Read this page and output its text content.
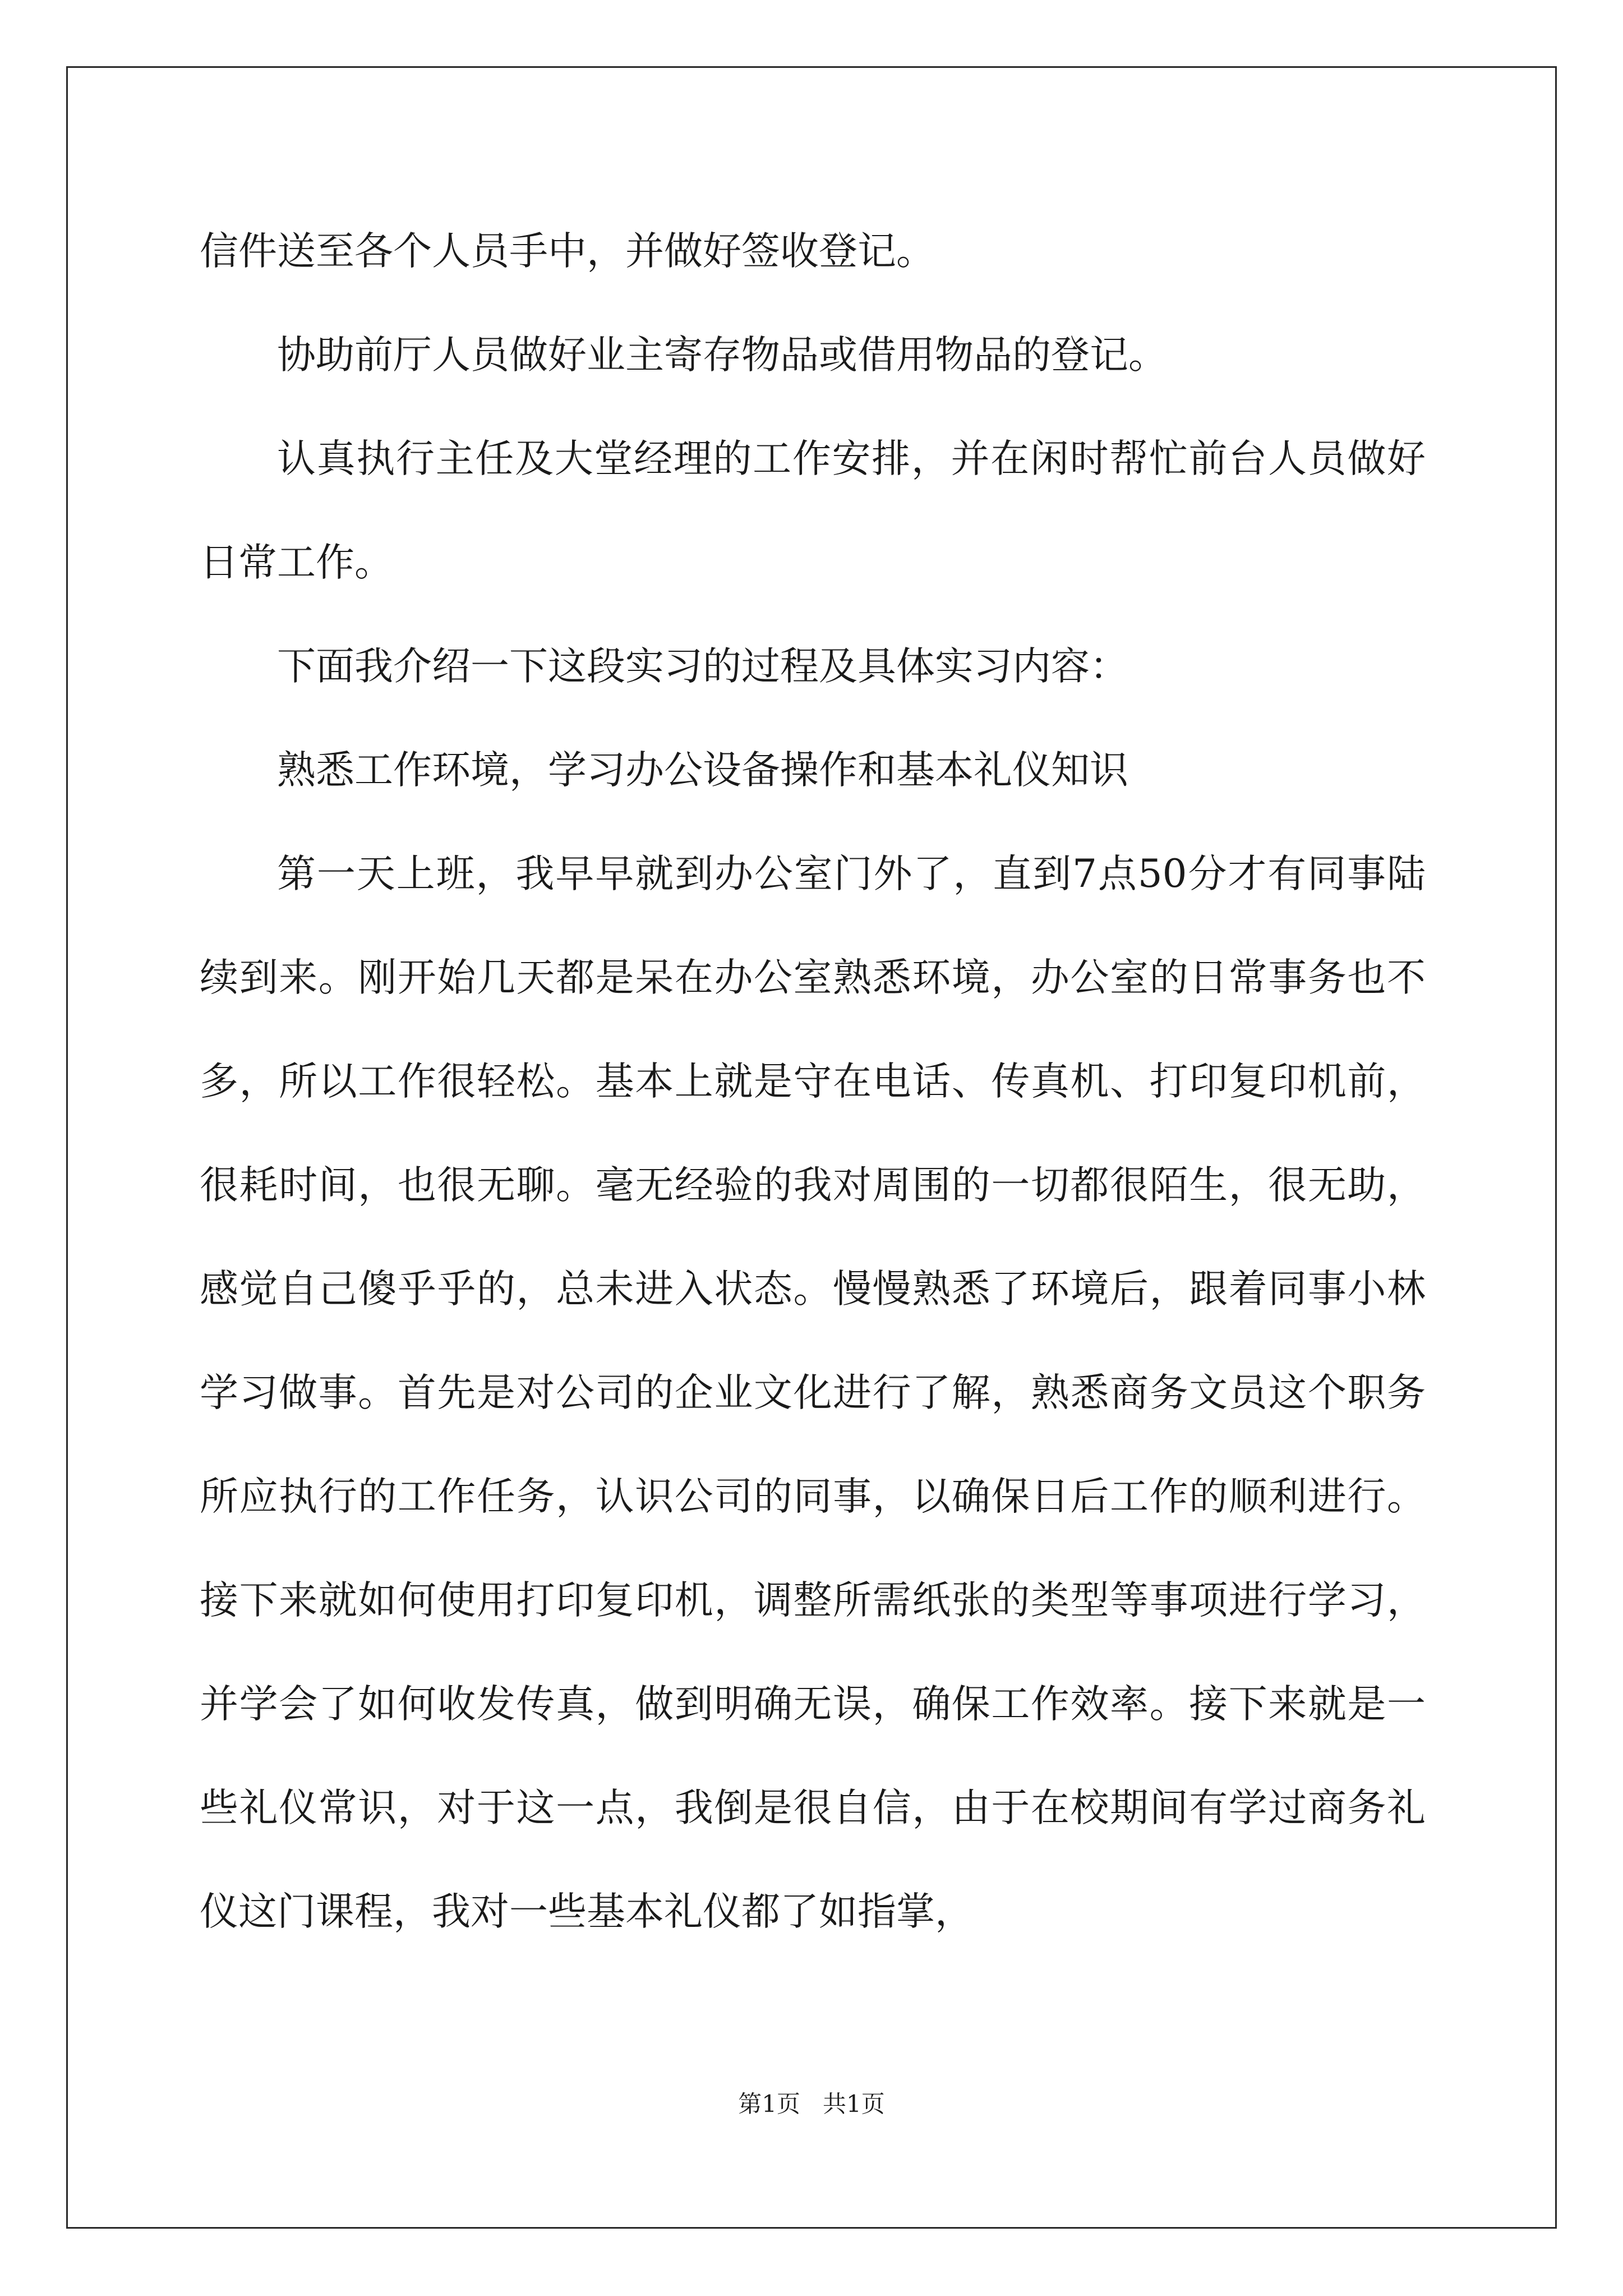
信件送至各个人员手中，并做好签收登记。

协助前厅人员做好业主寄存物品或借用物品的登记。

认真执行主任及大堂经理的工作安排，并在闲时帮忙前台人员做好日常工作。

下面我介绍一下这段实习的过程及具体实习内容：

熟悉工作环境，学习办公设备操作和基本礼仪知识

第一天上班，我早早就到办公室门外了，直到7点50分才有同事陆续到来。刚开始几天都是呆在办公室熟悉环境，办公室的日常事务也不多，所以工作很轻松。基本上就是守在电话、传真机、打印复印机前，很耗时间，也很无聊。毫无经验的我对周围的一切都很陌生，很无助，感觉自己傻乎乎的，总未进入状态。慢慢熟悉了环境后，跟着同事小林学习做事。首先是对公司的企业文化进行了解，熟悉商务文员这个职务所应执行的工作任务，认识公司的同事，以确保日后工作的顺利进行。接下来就如何使用打印复印机，调整所需纸张的类型等事项进行学习，并学会了如何收发传真，做到明确无误，确保工作效率。接下来就是一些礼仪常识，对于这一点，我倒是很自信，由于在校期间有学过商务礼仪这门课程，我对一些基本礼仪都了如指掌，

第1页   共1页
